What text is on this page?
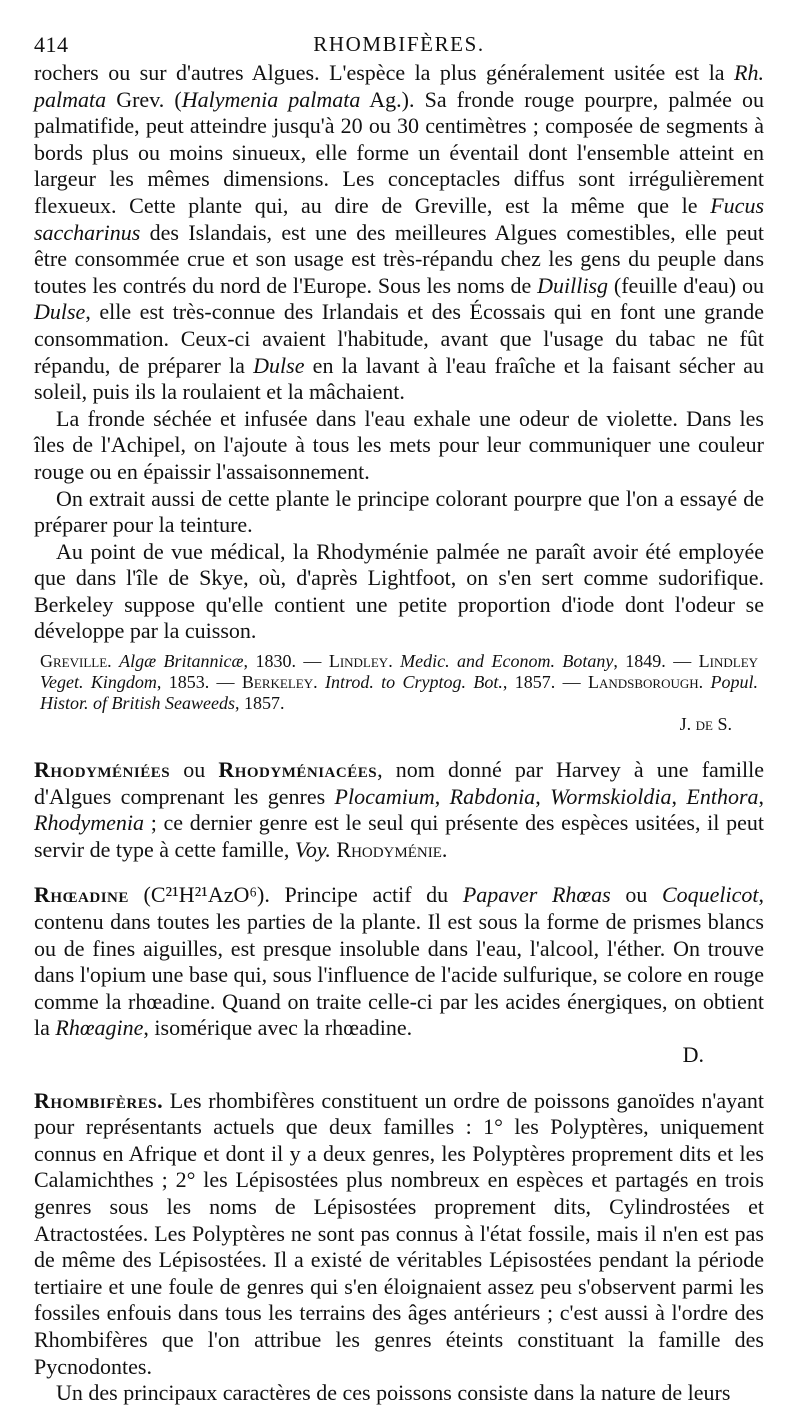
414	RHOMBIFÈRES.

rochers ou sur d'autres Algues. L'espèce la plus généralement usitée est la Rh. palmata Grev. (Halymenia palmata Ag.). Sa fronde rouge pourpre, palmée ou palmatifide, peut atteindre jusqu'à 20 ou 30 centimètres ; composée de segments à bords plus ou moins sinueux, elle forme un éventail dont l'ensemble atteint en largeur les mêmes dimensions. Les conceptacles diffus sont irrégulièrement flexueux. Cette plante qui, au dire de Greville, est la même que le Fucus saccharinus des Islandais, est une des meilleures Algues comestibles, elle peut être consommée crue et son usage est très-répandu chez les gens du peuple dans toutes les contrés du nord de l'Europe. Sous les noms de Duillisg (feuille d'eau) ou Dulse, elle est très-connue des Irlandais et des Écossais qui en font une grande consommation. Ceux-ci avaient l'habitude, avant que l'usage du tabac ne fût répandu, de préparer la Dulse en la lavant à l'eau fraîche et la faisant sécher au soleil, puis ils la roulaient et la mâchaient.

La fronde séchée et infusée dans l'eau exhale une odeur de violette. Dans les îles de l'Achipel, on l'ajoute à tous les mets pour leur communiquer une couleur rouge ou en épaissir l'assaisonnement.

On extrait aussi de cette plante le principe colorant pourpre que l'on a essayé de préparer pour la teinture.

Au point de vue médical, la Rhodyménie palmée ne paraît avoir été employée que dans l'île de Skye, où, d'après Lightfoot, on s'en sert comme sudorifique. Berkeley suppose qu'elle contient une petite proportion d'iode dont l'odeur se développe par la cuisson.

Greville. Algæ Britannicæ, 1830. — Lindley. Medic. and Econom. Botany, 1849. — Lindley Veget. Kingdom, 1853. — Berkeley. Introd. to Cryptog. Bot., 1857. — Landsborough. Popul. Histor. of British Seaweeds, 1857.
J. de S.

Rhodyméniées ou Rhodyméniacées, nom donné par Harvey à une famille d'Algues comprenant les genres Plocamium, Rabdonia, Wormskioldia, Enthora, Rhodymenia ; ce dernier genre est le seul qui présente des espèces usitées, il peut servir de type à cette famille, Voy. Rhodyménie.

Rhœadine (C²¹H²¹AzO⁶). Principe actif du Papaver Rhœas ou Coquelicot, contenu dans toutes les parties de la plante. Il est sous la forme de prismes blancs ou de fines aiguilles, est presque insoluble dans l'eau, l'alcool, l'éther. On trouve dans l'opium une base qui, sous l'influence de l'acide sulfurique, se colore en rouge comme la rhœadine. Quand on traite celle-ci par les acides énergiques, on obtient la Rhœagine, isomérique avec la rhœadine.
D.

Rhombifères. Les rhombifères constituent un ordre de poissons ganoïdes n'ayant pour représentants actuels que deux familles : 1° les Polyptères, uniquement connus en Afrique et dont il y a deux genres, les Polyptères proprement dits et les Calamichthes ; 2° les Lépisostées plus nombreux en espèces et partagés en trois genres sous les noms de Lépisostées proprement dits, Cylindrostées et Atractostées. Les Polyptères ne sont pas connus à l'état fossile, mais il n'en est pas de même des Lépisostées. Il a existé de véritables Lépisostées pendant la période tertiaire et une foule de genres qui s'en éloignaient assez peu s'observent parmi les fossiles enfouis dans tous les terrains des âges antérieurs ; c'est aussi à l'ordre des Rhombifères que l'on attribue les genres éteints constituant la famille des Pycnodontes.

Un des principaux caractères de ces poissons consiste dans la nature de leurs
